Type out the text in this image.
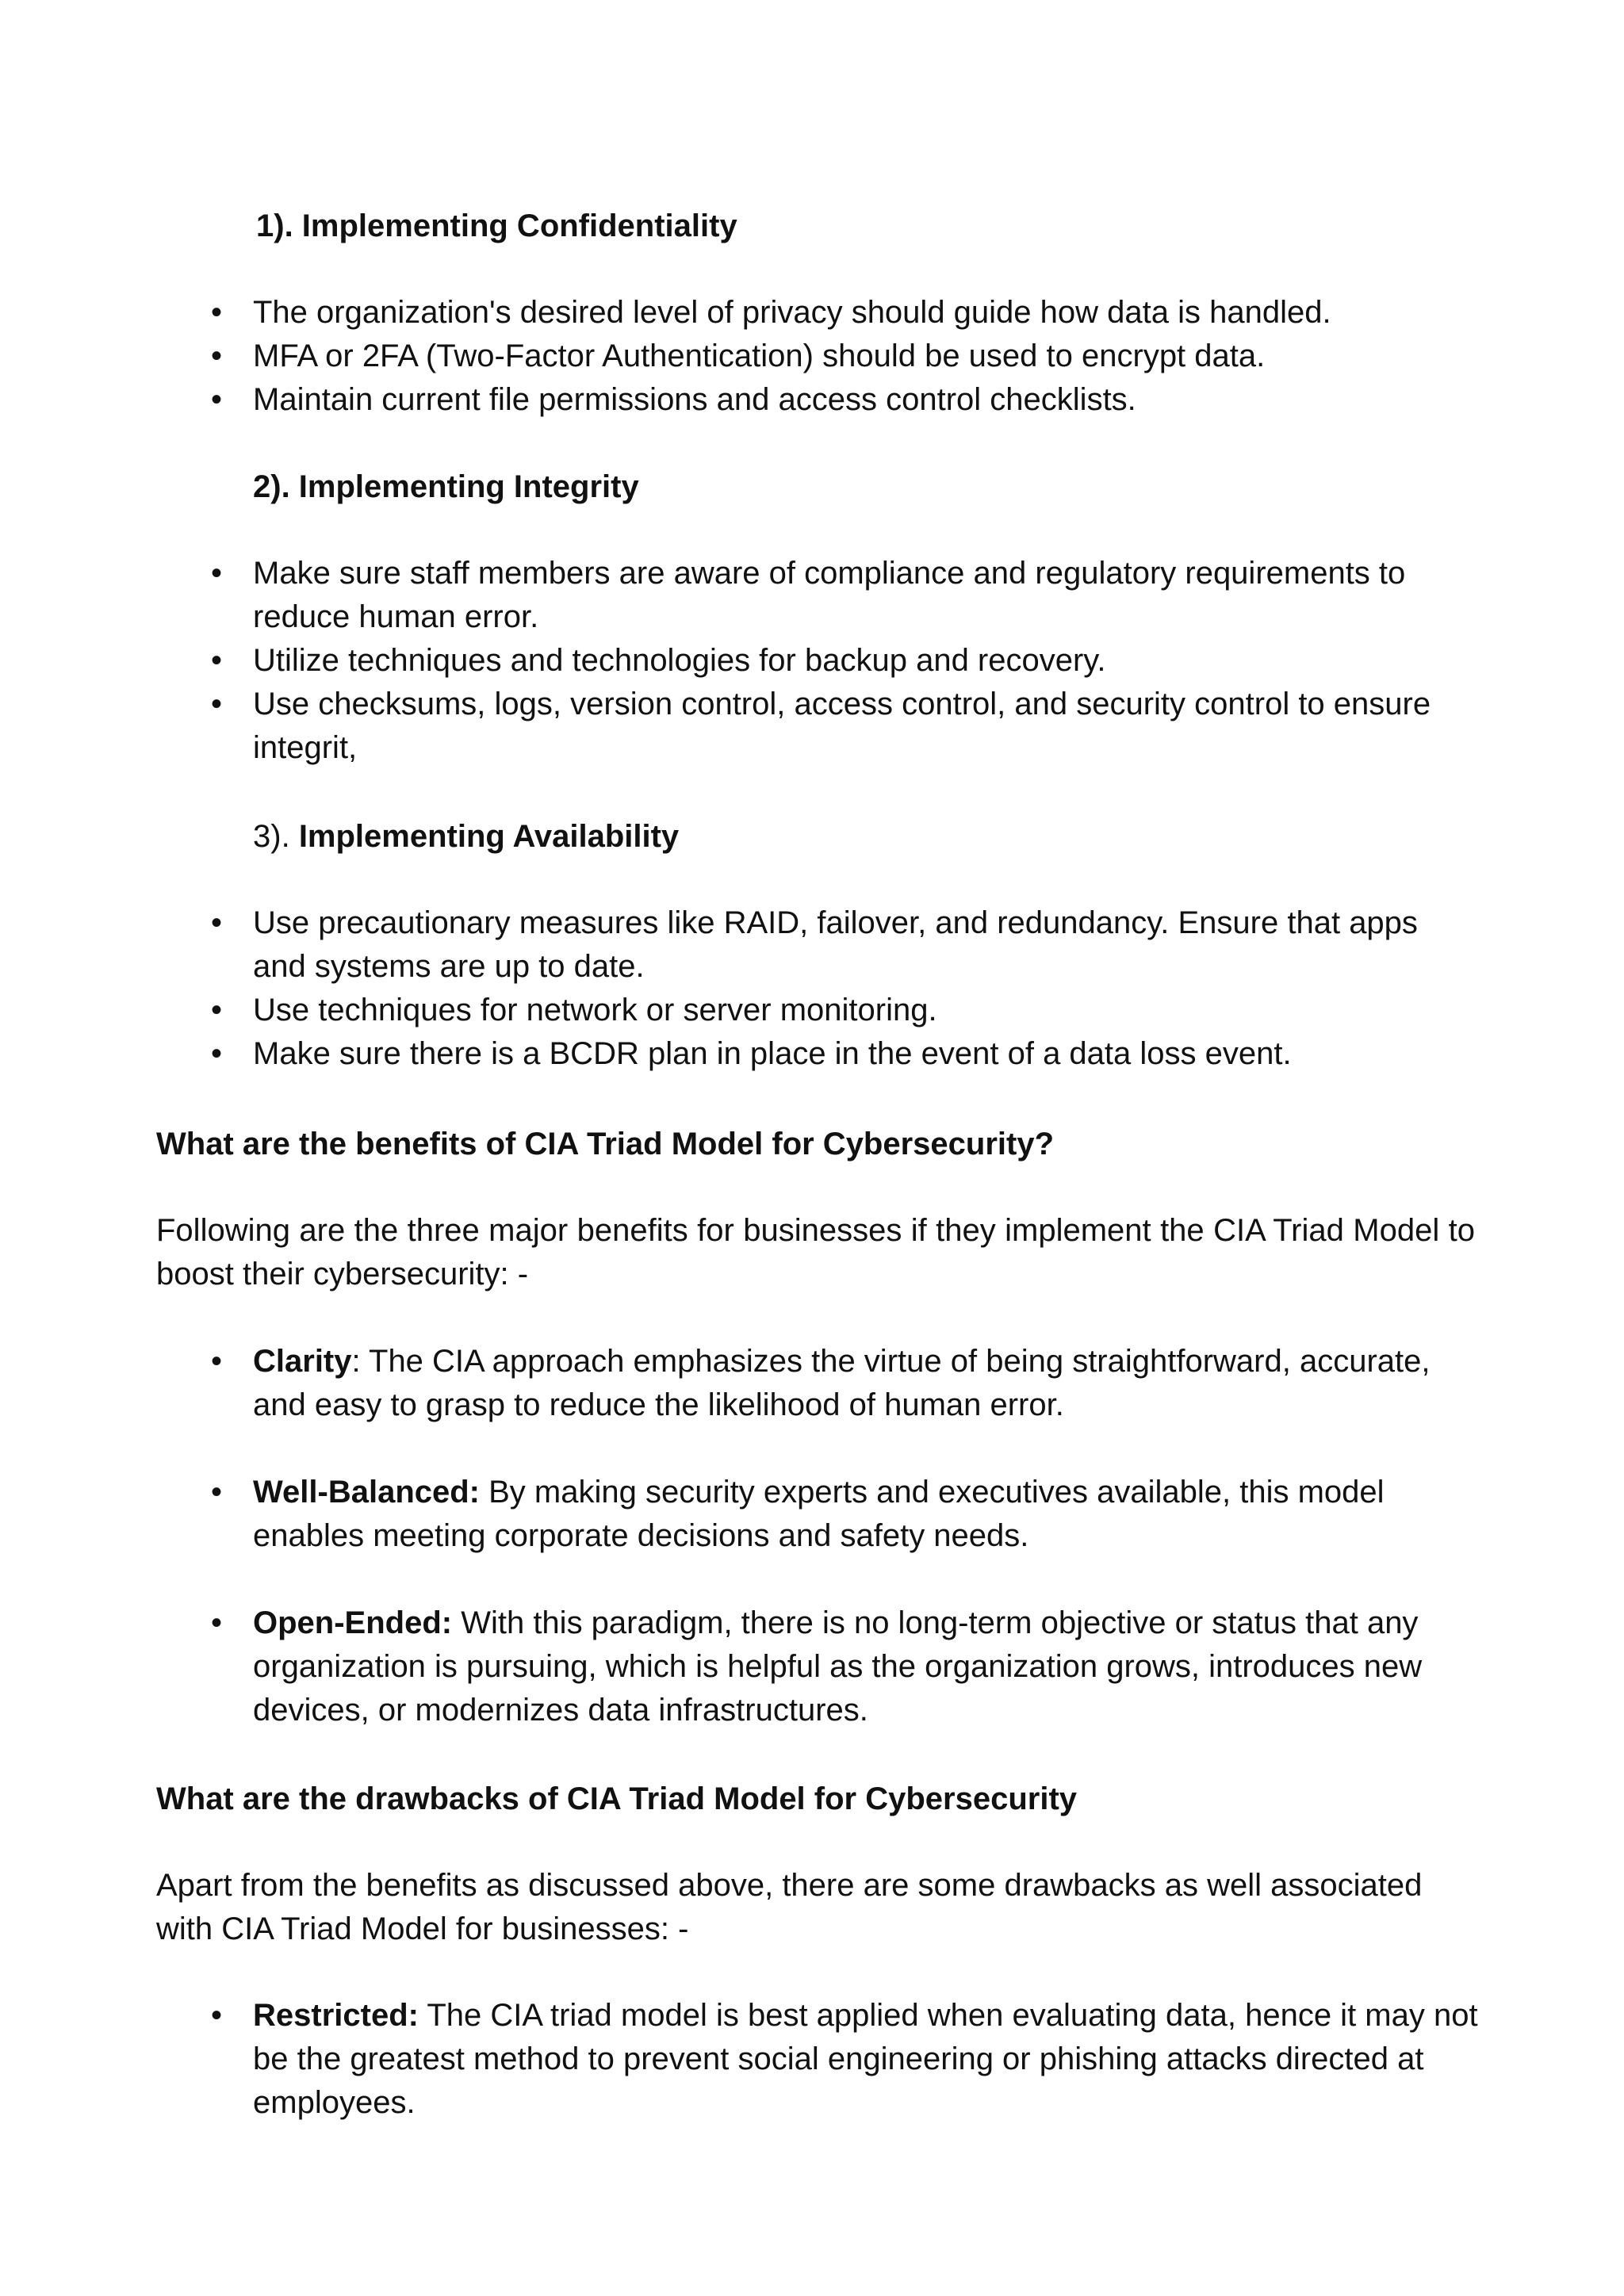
1). Implementing Confidentiality
• The organization's desired level of privacy should guide how data is handled.
• MFA or 2FA (Two-Factor Authentication) should be used to encrypt data.
• Maintain current file permissions and access control checklists.
2). Implementing Integrity
• Make sure staff members are aware of compliance and regulatory requirements to reduce human error.
• Utilize techniques and technologies for backup and recovery.
• Use checksums, logs, version control, access control, and security control to ensure integrit,
3). Implementing Availability
• Use precautionary measures like RAID, failover, and redundancy. Ensure that apps and systems are up to date.
• Use techniques for network or server monitoring.
• Make sure there is a BCDR plan in place in the event of a data loss event.
What are the benefits of CIA Triad Model for Cybersecurity?

Following are the three major benefits for businesses if they implement the CIA Triad Model to boost their cybersecurity: -

• Clarity: The CIA approach emphasizes the virtue of being straightforward, accurate, and easy to grasp to reduce the likelihood of human error.
• Well-Balanced: By making security experts and executives available, this model enables meeting corporate decisions and safety needs.
• Open-Ended: With this paradigm, there is no long-term objective or status that any organization is pursuing, which is helpful as the organization grows, introduces new devices, or modernizes data infrastructures.
What are the drawbacks of CIA Triad Model for Cybersecurity

Apart from the benefits as discussed above, there are some drawbacks as well associated with CIA Triad Model for businesses: -

• Restricted: The CIA triad model is best applied when evaluating data, hence it may not be the greatest method to prevent social engineering or phishing attacks directed at employees.
